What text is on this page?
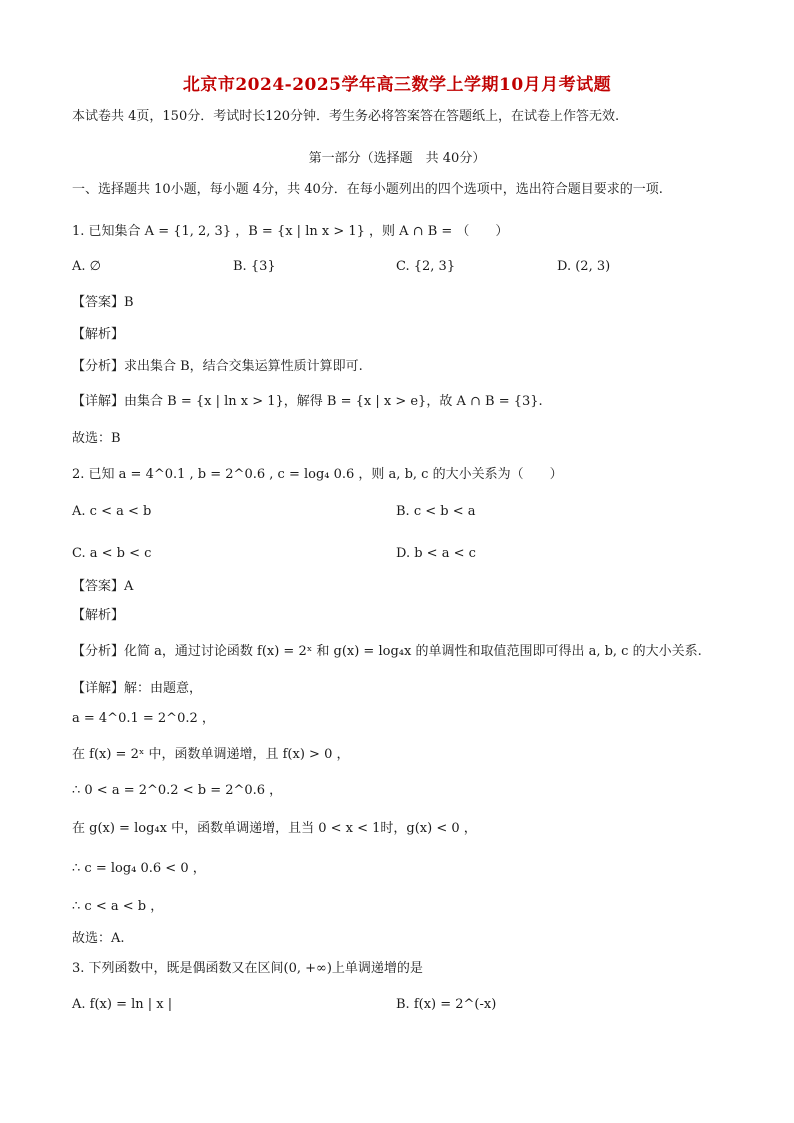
北京市2024-2025学年高三数学上学期10月月考试题
本试卷共 4页，150分．考试时长120分钟．考生务必将答案答在答题纸上，在试卷上作答无效.
第一部分（选择题　共 40分）
一、选择题共 10小题，每小题 4分，共 40分．在每小题列出的四个选项中，选出符合题目要求的一项.
1. 已知集合 A = {1, 2, 3} ，B = {x | ln x > 1} ，则 A ∩ B = （　　）
A. ∅	B. {3}	C. {2, 3}	D. (2, 3)
【答案】B
【解析】
【分析】求出集合 B，结合交集运算性质计算即可.
【详解】由集合 B = {x | ln x > 1}，解得 B = {x | x > e}，故 A ∩ B = {3}.
故选：B
2. 已知 a = 4^0.1 , b = 2^0.6 , c = log₄ 0.6 ，则 a, b, c 的大小关系为（　　）
A. c < a < b	B. c < b < a
C. a < b < c	D. b < a < c
【答案】A
【解析】
【分析】化简 a，通过讨论函数 f(x) = 2ˣ 和 g(x) = log₄x 的单调性和取值范围即可得出 a, b, c 的大小关系.
【详解】解：由题意，
a = 4^0.1 = 2^0.2 ，
在 f(x) = 2ˣ 中，函数单调递增，且 f(x) > 0 ，
∴ 0 < a = 2^0.2 < b = 2^0.6 ，
在 g(x) = log₄x 中，函数单调递增，且当 0 < x < 1时，g(x) < 0 ，
∴ c = log₄ 0.6 < 0 ，
∴ c < a < b ，
故选：A.
3. 下列函数中，既是偶函数又在区间(0, +∞)上单调递增的是
A. f(x) = ln | x |	B. f(x) = 2^(-x)
